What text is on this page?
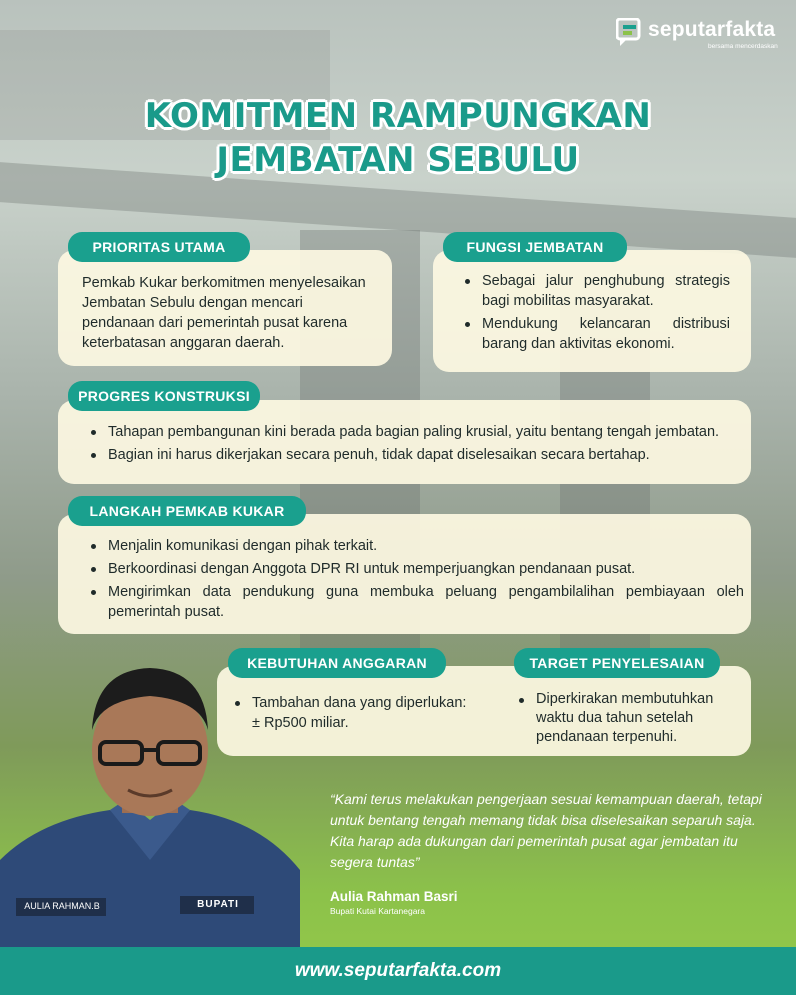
seputarfakta
bersama mencerdaskan
KOMITMEN RAMPUNGKAN
JEMBATAN SEBULU
PRIORITAS UTAMA
Pemkab Kukar berkomitmen menyelesaikan Jembatan Sebulu dengan mencari pendanaan dari pemerintah pusat karena keterbatasan anggaran daerah.
FUNGSI JEMBATAN
Sebagai jalur penghubung strategis bagi mobilitas masyarakat.
Mendukung kelancaran distribusi barang dan aktivitas ekonomi.
PROGRES KONSTRUKSI
Tahapan pembangunan kini berada pada bagian paling krusial, yaitu bentang tengah jembatan.
Bagian ini harus dikerjakan secara penuh, tidak dapat diselesaikan secara bertahap.
LANGKAH PEMKAB KUKAR
Menjalin komunikasi dengan pihak terkait.
Berkoordinasi dengan Anggota DPR RI untuk memperjuangkan pendanaan pusat.
Mengirimkan data pendukung guna membuka peluang pengambilalihan pembiayaan oleh pemerintah pusat.
KEBUTUHAN ANGGARAN
Tambahan dana yang diperlukan: ± Rp500 miliar.
TARGET PENYELESAIAN
Diperkirakan membutuhkan waktu dua tahun setelah pendanaan terpenuhi.
AULIA RAHMAN.B	BUPATI
“Kami terus melakukan pengerjaan sesuai kemampuan daerah, tetapi untuk bentang tengah memang tidak bisa diselesaikan separuh saja. Kita harap ada dukungan dari pemerintah pusat agar jembatan itu segera tuntas”
Aulia Rahman Basri
Bupati Kutai Kartanegara
www.seputarfakta.com
